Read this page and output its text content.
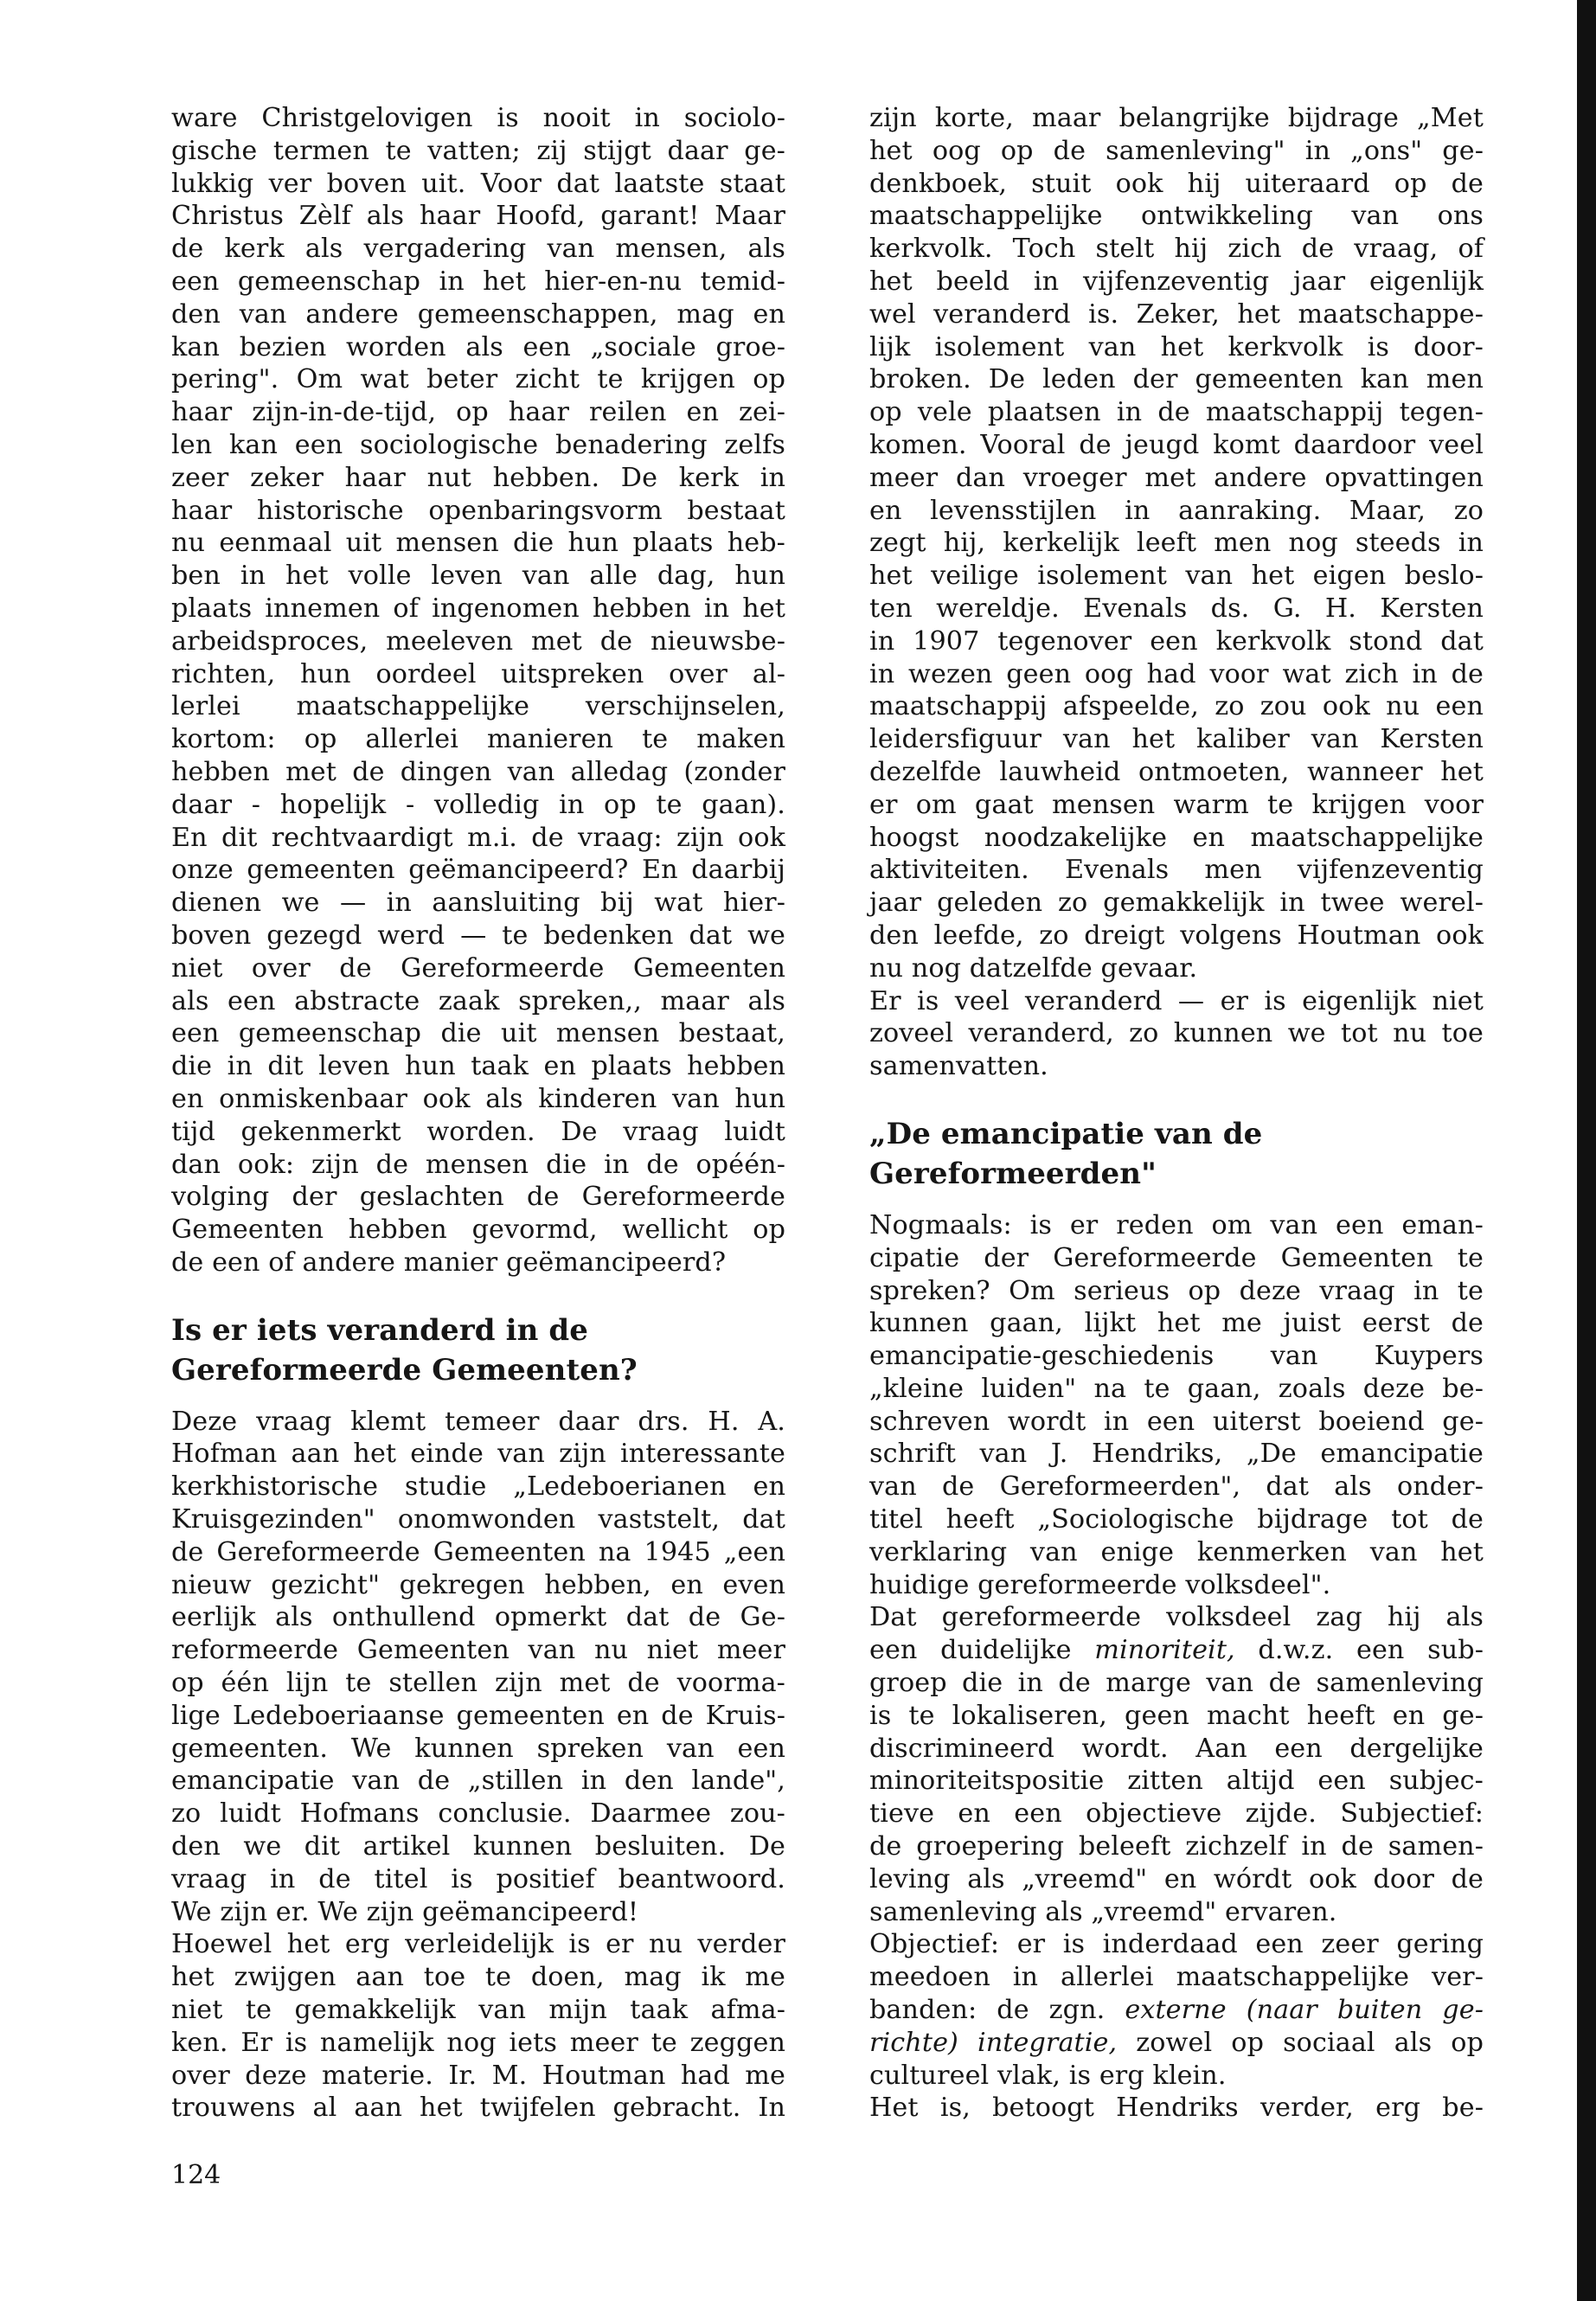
ware Christgelovigen is nooit in sociolo-
gische termen te vatten; zij stijgt daar ge-
lukkig ver boven uit. Voor dat laatste staat
Christus Zèlf als haar Hoofd, garant! Maar
de kerk als vergadering van mensen, als
een gemeenschap in het hier-en-nu temid-
den van andere gemeenschappen, mag en
kan bezien worden als een „sociale groe-
pering". Om wat beter zicht te krijgen op
haar zijn-in-de-tijd, op haar reilen en zei-
len kan een sociologische benadering zelfs
zeer zeker haar nut hebben. De kerk in
haar historische openbaringsvorm bestaat
nu eenmaal uit mensen die hun plaats heb-
ben in het volle leven van alle dag, hun
plaats innemen of ingenomen hebben in het
arbeidsproces, meeleven met de nieuwsbe-
richten, hun oordeel uitspreken over al-
lerlei maatschappelijke verschijnselen,
kortom: op allerlei manieren te maken
hebben met de dingen van alledag (zonder
daar - hopelijk - volledig in op te gaan).
En dit rechtvaardigt m.i. de vraag: zijn ook
onze gemeenten geëmancipeerd? En daarbij
dienen we — in aansluiting bij wat hier-
boven gezegd werd — te bedenken dat we
niet over de Gereformeerde Gemeenten
als een abstracte zaak spreken,, maar als
een gemeenschap die uit mensen bestaat,
die in dit leven hun taak en plaats hebben
en onmiskenbaar ook als kinderen van hun
tijd gekenmerkt worden. De vraag luidt
dan ook: zijn de mensen die in de opéén-
volging der geslachten de Gereformeerde
Gemeenten hebben gevormd, wellicht op
de een of andere manier geëmancipeerd?
Is er iets veranderd in de
Gereformeerde Gemeenten?
Deze vraag klemt temeer daar drs. H. A.
Hofman aan het einde van zijn interessante
kerkhistorische studie „Ledeboerianen en
Kruisgezinden" onomwonden vaststelt, dat
de Gereformeerde Gemeenten na 1945 „een
nieuw gezicht" gekregen hebben, en even
eerlijk als onthullend opmerkt dat de Ge-
reformeerde Gemeenten van nu niet meer
op één lijn te stellen zijn met de voorma-
lige Ledeboeriaanse gemeenten en de Kruis-
gemeenten. We kunnen spreken van een
emancipatie van de „stillen in den lande",
zo luidt Hofmans conclusie. Daarmee zou-
den we dit artikel kunnen besluiten. De
vraag in de titel is positief beantwoord.
We zijn er. We zijn geëmancipeerd!
Hoewel het erg verleidelijk is er nu verder
het zwijgen aan toe te doen, mag ik me
niet te gemakkelijk van mijn taak afma-
ken. Er is namelijk nog iets meer te zeggen
over deze materie. Ir. M. Houtman had me
trouwens al aan het twijfelen gebracht. In
zijn korte, maar belangrijke bijdrage „Met
het oog op de samenleving" in „ons" ge-
denkboek, stuit ook hij uiteraard op de
maatschappelijke ontwikkeling van ons
kerkvolk. Toch stelt hij zich de vraag, of
het beeld in vijfenzeventig jaar eigenlijk
wel veranderd is. Zeker, het maatschappe-
lijk isolement van het kerkvolk is door-
broken. De leden der gemeenten kan men
op vele plaatsen in de maatschappij tegen-
komen. Vooral de jeugd komt daardoor veel
meer dan vroeger met andere opvattingen
en levensstijlen in aanraking. Maar, zo
zegt hij, kerkelijk leeft men nog steeds in
het veilige isolement van het eigen beslo-
ten wereldje. Evenals ds. G. H. Kersten
in 1907 tegenover een kerkvolk stond dat
in wezen geen oog had voor wat zich in de
maatschappij afspeelde, zo zou ook nu een
leidersfiguur van het kaliber van Kersten
dezelfde lauwheid ontmoeten, wanneer het
er om gaat mensen warm te krijgen voor
hoogst noodzakelijke en maatschappelijke
aktiviteiten. Evenals men vijfenzeventig
jaar geleden zo gemakkelijk in twee werel-
den leefde, zo dreigt volgens Houtman ook
nu nog datzelfde gevaar.
Er is veel veranderd — er is eigenlijk niet
zoveel veranderd, zo kunnen we tot nu toe
samenvatten.
„De emancipatie van de
Gereformeerden"
Nogmaals: is er reden om van een eman-
cipatie der Gereformeerde Gemeenten te
spreken? Om serieus op deze vraag in te
kunnen gaan, lijkt het me juist eerst de
emancipatie-geschiedenis van Kuypers
„kleine luiden" na te gaan, zoals deze be-
schreven wordt in een uiterst boeiend ge-
schrift van J. Hendriks, „De emancipatie
van de Gereformeerden", dat als onder-
titel heeft „Sociologische bijdrage tot de
verklaring van enige kenmerken van het
huidige gereformeerde volksdeel".
Dat gereformeerde volksdeel zag hij als
een duidelijke minoriteit, d.w.z. een sub-
groep die in de marge van de samenleving
is te lokaliseren, geen macht heeft en ge-
discrimineerd wordt. Aan een dergelijke
minoriteitspositie zitten altijd een subjec-
tieve en een objectieve zijde. Subjectief:
de groepering beleeft zichzelf in de samen-
leving als „vreemd" en wórdt ook door de
samenleving als „vreemd" ervaren.
Objectief: er is inderdaad een zeer gering
meedoen in allerlei maatschappelijke ver-
banden: de zgn. externe (naar buiten ge-
richte) integratie, zowel op sociaal als op
cultureel vlak, is erg klein.
Het is, betoogt Hendriks verder, erg be-
124
